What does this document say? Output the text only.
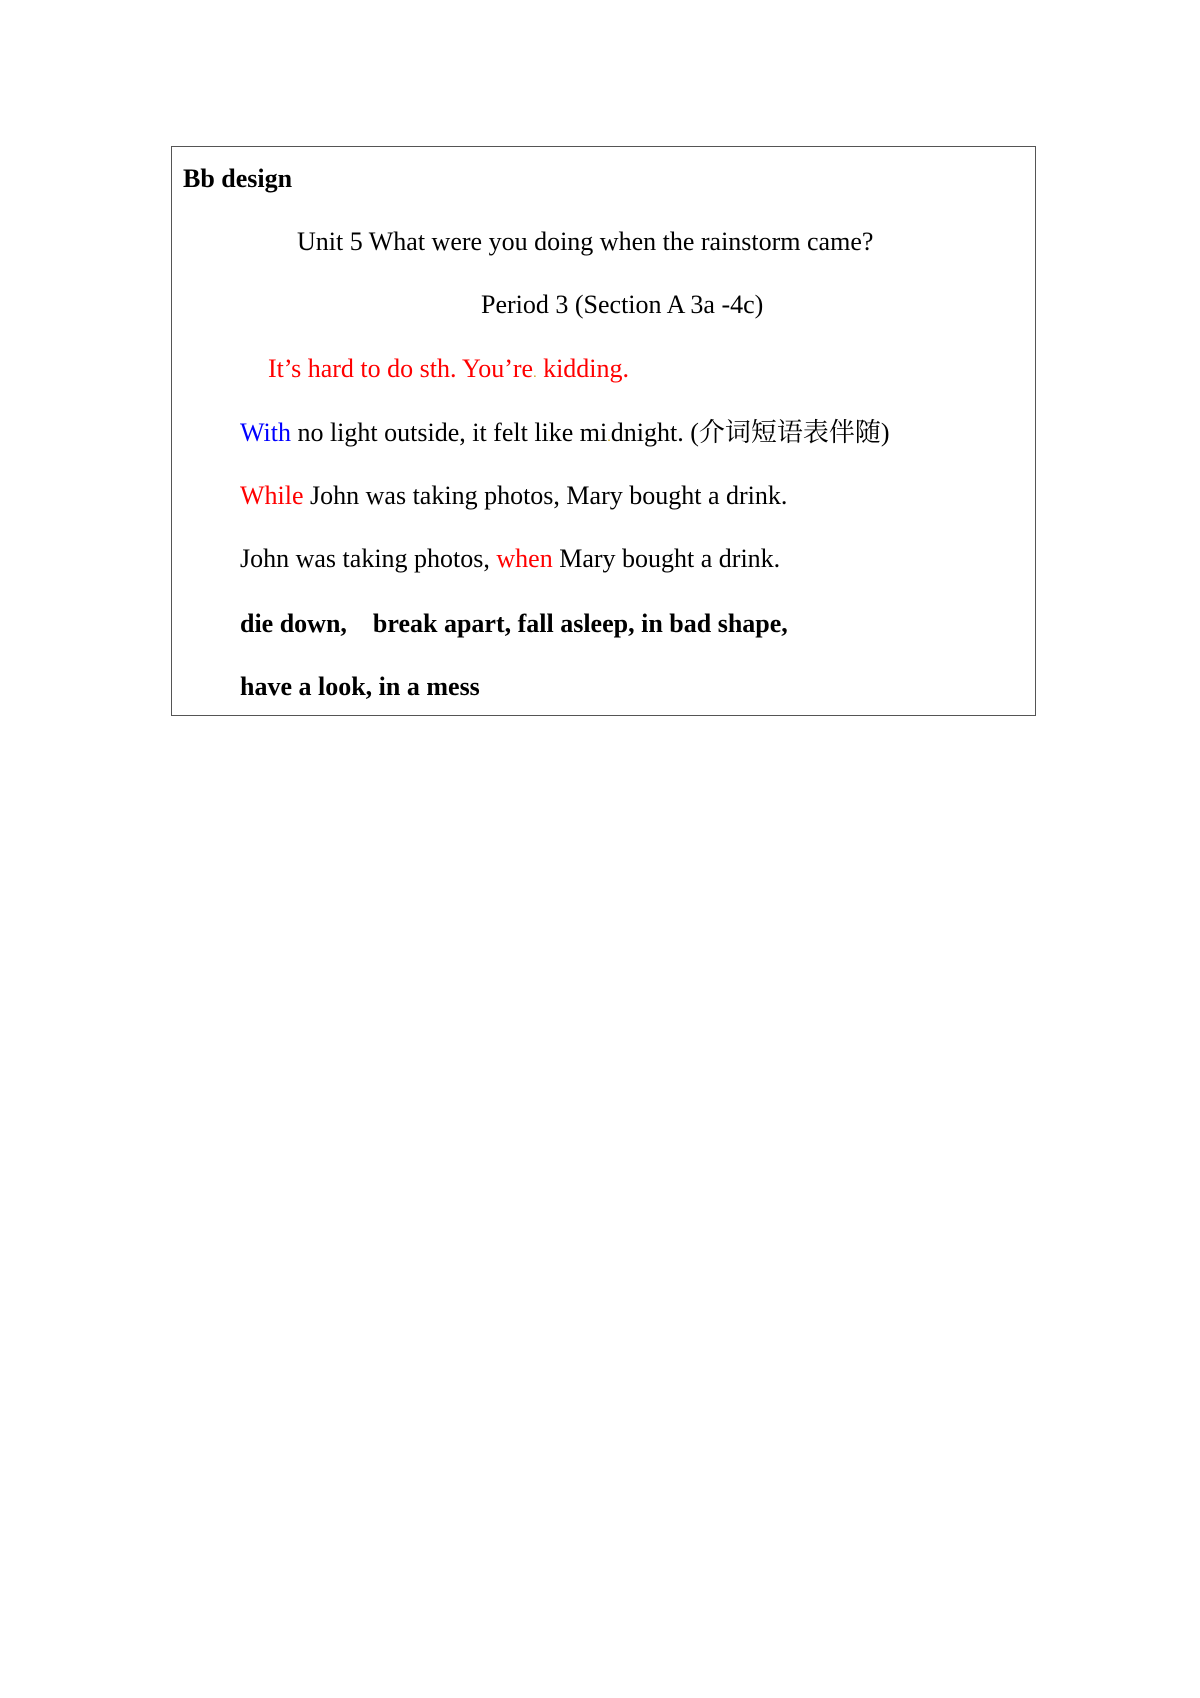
Bb design
Unit 5 What were you doing when the rainstorm came?
Period 3 (Section A 3a -4c)
It’s hard to do sth. You’re. kidding.
With no light outside, it felt like mi.dnight. (介词短语表伴随)
While John was taking photos, Mary bought a drink.
John was taking photos, when Mary bought a drink.
die down,    break apart, fall asleep, in bad shape,
have a look, in a mess
